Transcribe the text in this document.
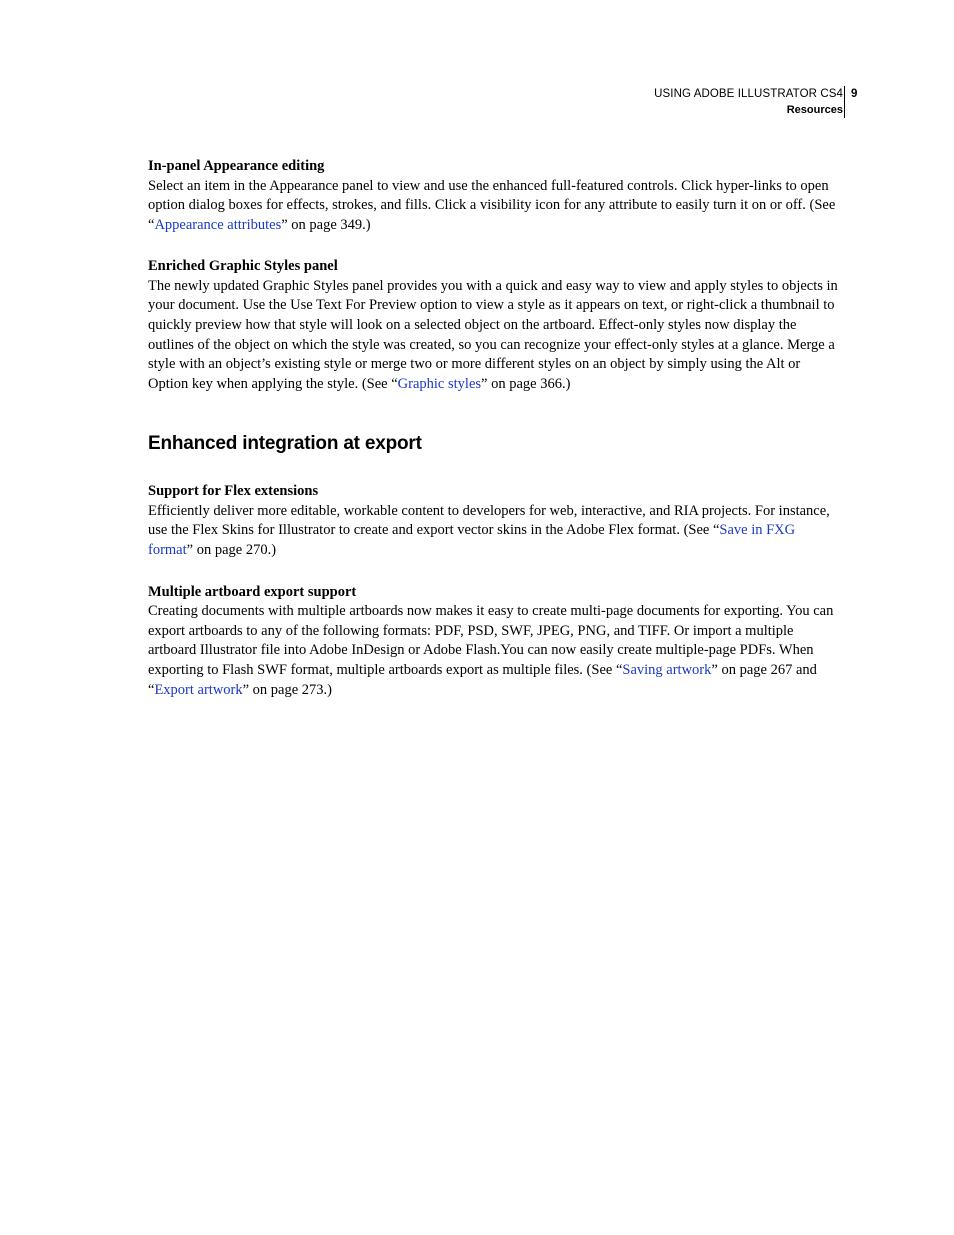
USING ADOBE ILLUSTRATOR CS4
Resources
9

In-panel Appearance editing

Select an item in the Appearance panel to view and use the enhanced full-featured controls. Click hyper-links to open option dialog boxes for effects, strokes, and fills. Click a visibility icon for any attribute to easily turn it on or off. (See “Appearance attributes” on page 349.)

Enriched Graphic Styles panel

The newly updated Graphic Styles panel provides you with a quick and easy way to view and apply styles to objects in your document. Use the Use Text For Preview option to view a style as it appears on text, or right-click a thumbnail to quickly preview how that style will look on a selected object on the artboard. Effect-only styles now display the outlines of the object on which the style was created, so you can recognize your effect-only styles at a glance. Merge a style with an object’s existing style or merge two or more different styles on an object by simply using the Alt or Option key when applying the style. (See “Graphic styles” on page 366.)

Enhanced integration at export

Support for Flex extensions

Efficiently deliver more editable, workable content to developers for web, interactive, and RIA projects. For instance, use the Flex Skins for Illustrator to create and export vector skins in the Adobe Flex format. (See “Save in FXG format” on page 270.)

Multiple artboard export support

Creating documents with multiple artboards now makes it easy to create multi-page documents for exporting. You can export artboards to any of the following formats: PDF, PSD, SWF, JPEG, PNG, and TIFF. Or import a multiple artboard Illustrator file into Adobe InDesign or Adobe Flash.You can now easily create multiple-page PDFs. When exporting to Flash SWF format, multiple artboards export as multiple files. (See “Saving artwork” on page 267 and “Export artwork” on page 273.)
